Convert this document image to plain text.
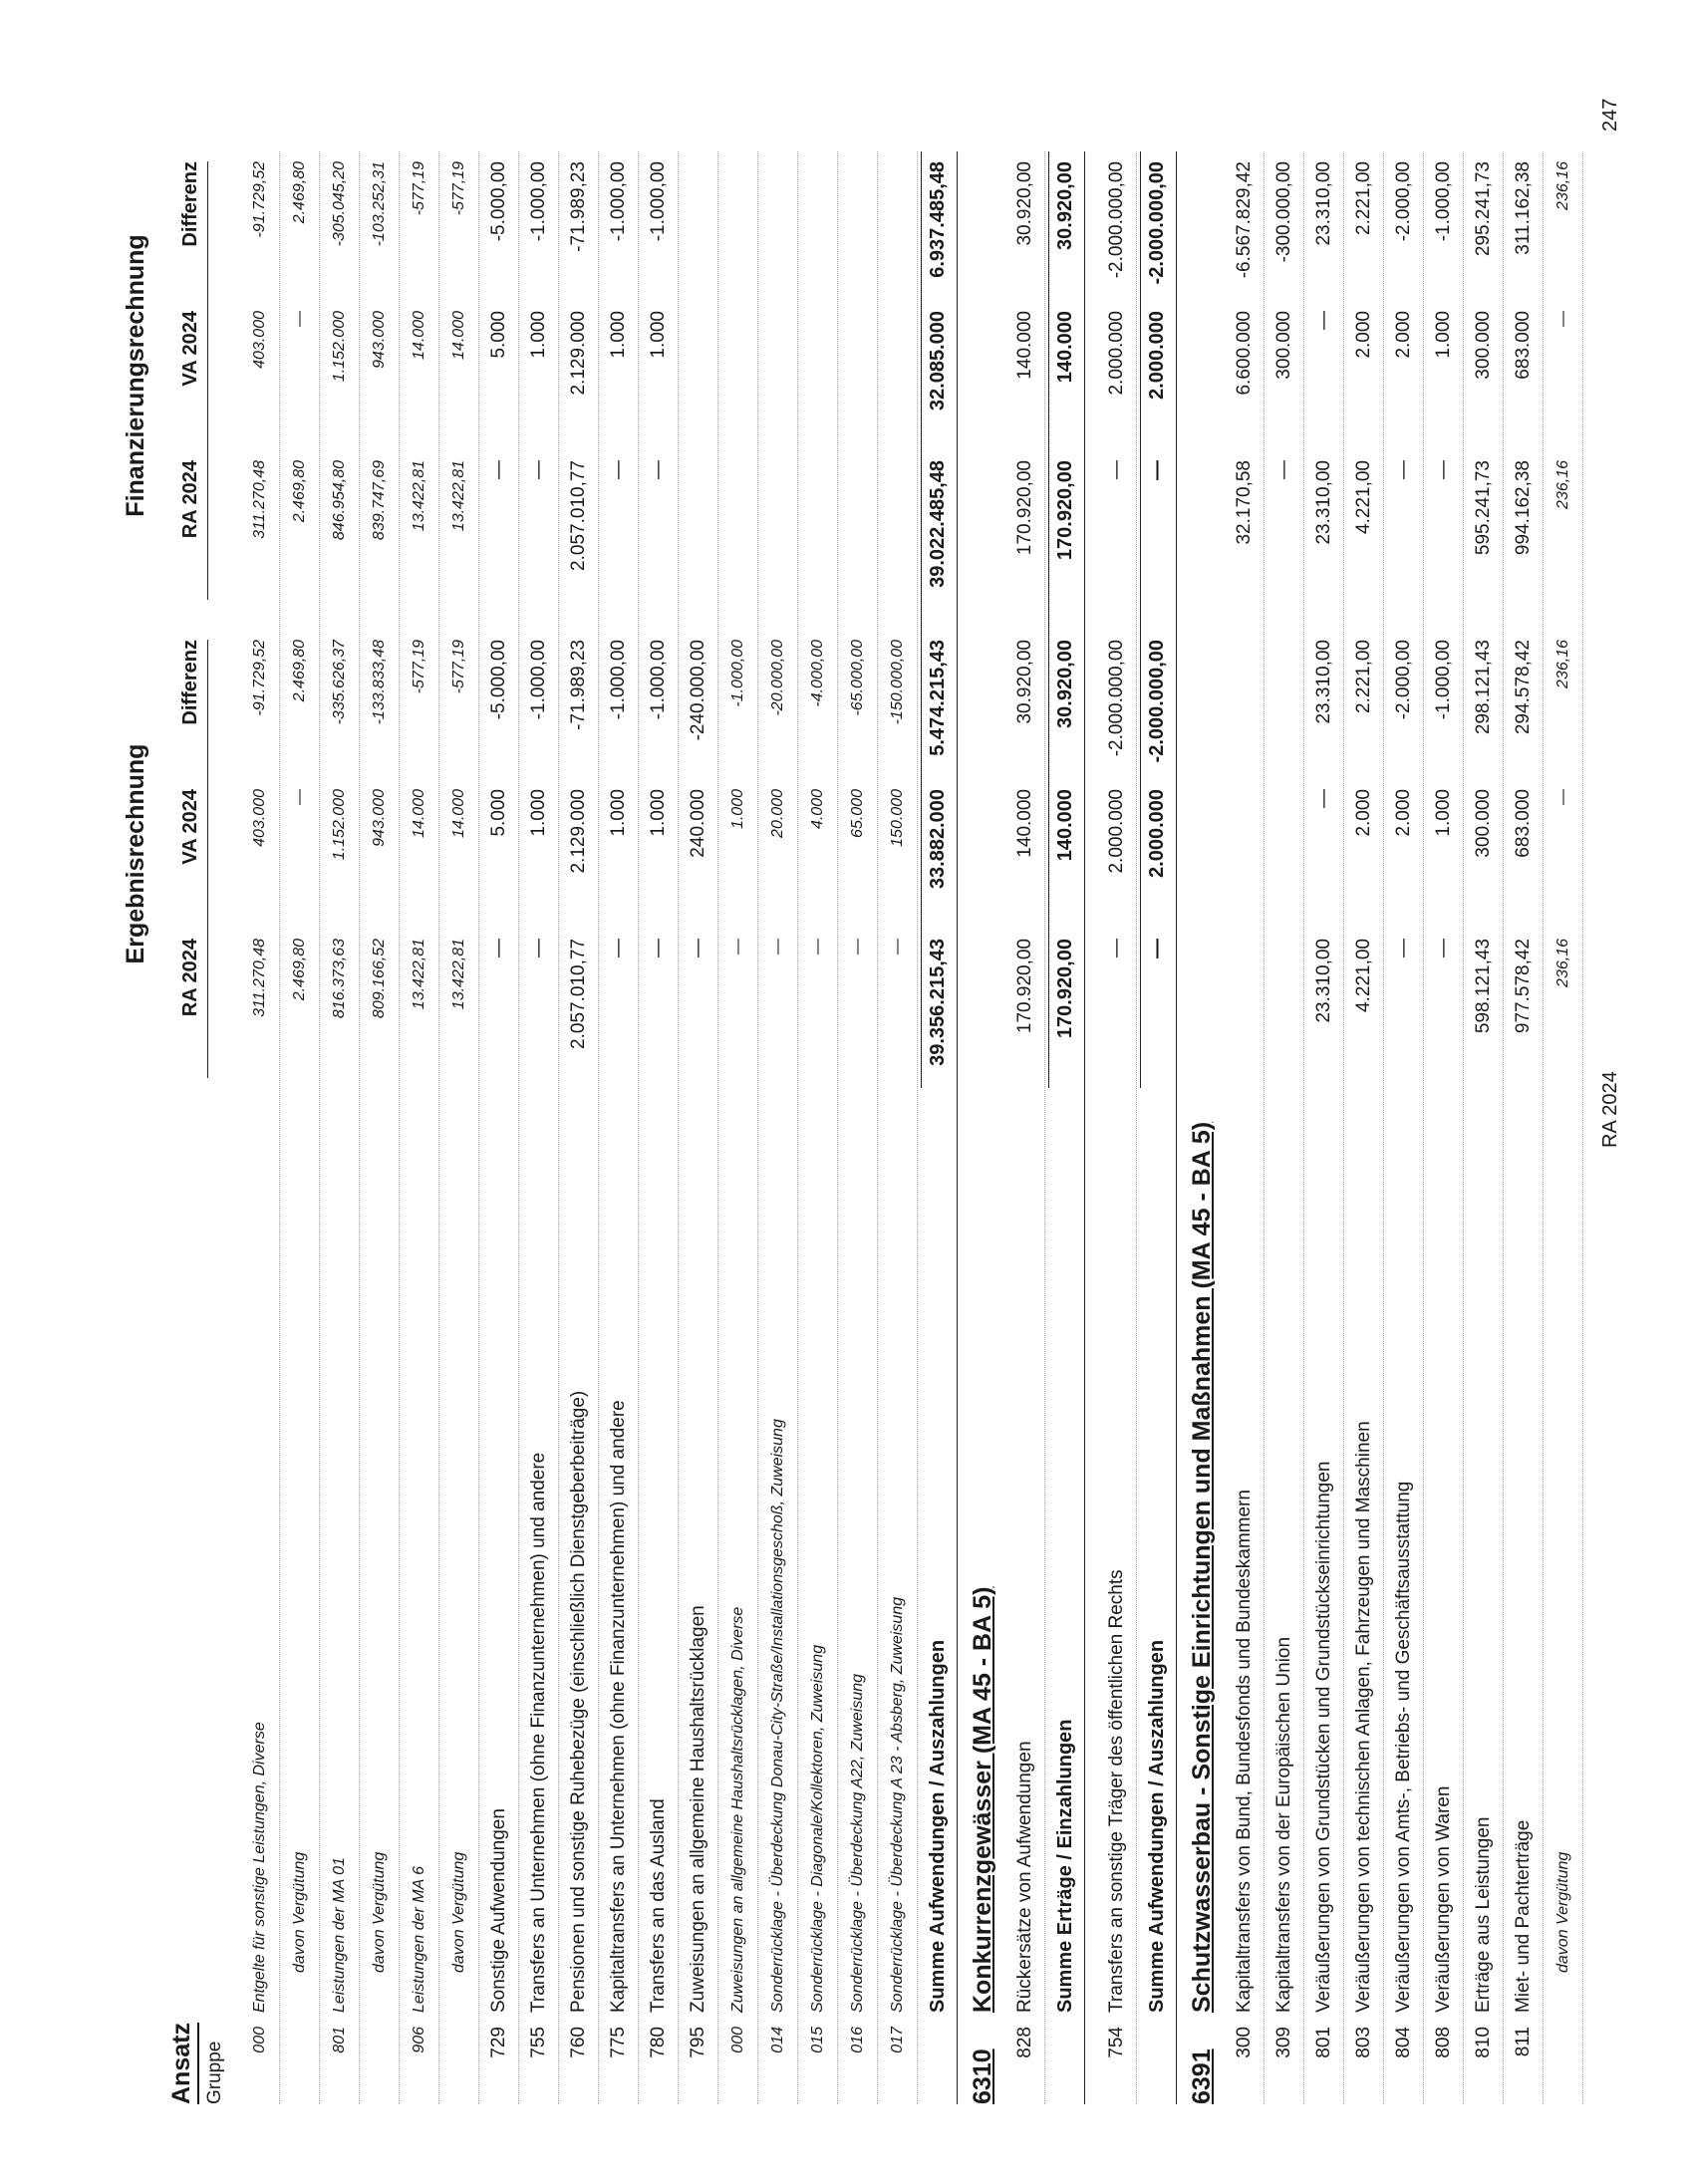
Ansatz Gruppe
Ergebnisrechnung
Finanzierungsrechnung
RA 2024
VA 2024
Differenz
RA 2024
VA 2024
Differenz
000
Entgelte für sonstige Leistungen, Diverse
311.270,48
403.000
-91.729,52
311.270,48
403.000
-91.729,52
davon Vergütung
2.469,80
—
2.469,80
2.469,80
—
2.469,80
801
Leistungen der MA 01
816.373,63
1.152.000
-335.626,37
846.954,80
1.152.000
-305.045,20
davon Vergütung
809.166,52
943.000
-133.833,48
839.747,69
943.000
-103.252,31
906
Leistungen der MA 6
13.422,81
14.000
-577,19
13.422,81
14.000
-577,19
davon Vergütung
13.422,81
14.000
-577,19
13.422,81
14.000
-577,19
729
Sonstige Aufwendungen
—
5.000
-5.000,00
—
5.000
-5.000,00
755
Transfers an Unternehmen (ohne Finanzunternehmen) und andere
—
1.000
-1.000,00
—
1.000
-1.000,00
760
Pensionen und sonstige Ruhebezüge (einschließlich Dienstgeberbeiträge)
2.057.010,77
2.129.000
-71.989,23
2.057.010,77
2.129.000
-71.989,23
775
Kapitaltransfers an Unternehmen (ohne Finanzunternehmen) und andere
—
1.000
-1.000,00
—
1.000
-1.000,00
780
Transfers an das Ausland
—
1.000
-1.000,00
—
1.000
-1.000,00
795
Zuweisungen an allgemeine Haushaltsrücklagen
—
240.000
-240.000,00
000
Zuweisungen an allgemeine Haushaltsrücklagen, Diverse
—
1.000
-1.000,00
014
Sonderrücklage - Überdeckung Donau-City-Straße/Installationsgeschoß, Zuweisung
—
20.000
-20.000,00
015
Sonderrücklage - Diagonale/Kollektoren, Zuweisung
—
4.000
-4.000,00
016
Sonderrücklage - Überdeckung A22, Zuweisung
—
65.000
-65.000,00
017
Sonderrücklage - Überdeckung A 23 - Absberg, Zuweisung
—
150.000
-150.000,00
Summe Aufwendungen / Auszahlungen
39.356.215,43
33.882.000
5.474.215,43
39.022.485,48
32.085.000
6.937.485,48
6310
Konkurrenzgewässer (MA 45 - BA 5)
828
Rückersätze von Aufwendungen
170.920,00
140.000
30.920,00
170.920,00
140.000
30.920,00
Summe Erträge / Einzahlungen
170.920,00
140.000
30.920,00
170.920,00
140.000
30.920,00
754
Transfers an sonstige Träger des öffentlichen Rechts
—
2.000.000
-2.000.000,00
—
2.000.000
-2.000.000,00
Summe Aufwendungen / Auszahlungen
—
2.000.000
-2.000.000,00
—
2.000.000
-2.000.000,00
6391
Schutzwasserbau - Sonstige Einrichtungen und Maßnahmen (MA 45 - BA 5)
300
Kapitaltransfers von Bund, Bundesfonds und Bundeskammern
32.170,58
6.600.000
-6.567.829,42
309
Kapitaltransfers von der Europäischen Union
—
300.000
-300.000,00
801
Veräußerungen von Grundstücken und Grundstückseinrichtungen
23.310,00
—
23.310,00
23.310,00
—
23.310,00
803
Veräußerungen von technischen Anlagen, Fahrzeugen und Maschinen
4.221,00
2.000
2.221,00
4.221,00
2.000
2.221,00
804
Veräußerungen von Amts-, Betriebs- und Geschäftsausstattung
—
2.000
-2.000,00
—
2.000
-2.000,00
808
Veräußerungen von Waren
—
1.000
-1.000,00
—
1.000
-1.000,00
810
Erträge aus Leistungen
598.121,43
300.000
298.121,43
595.241,73
300.000
295.241,73
811
Miet- und Pachterträge
977.578,42
683.000
294.578,42
994.162,38
683.000
311.162,38
davon Vergütung
236,16
—
236,16
236,16
—
236,16
RA 2024
247
